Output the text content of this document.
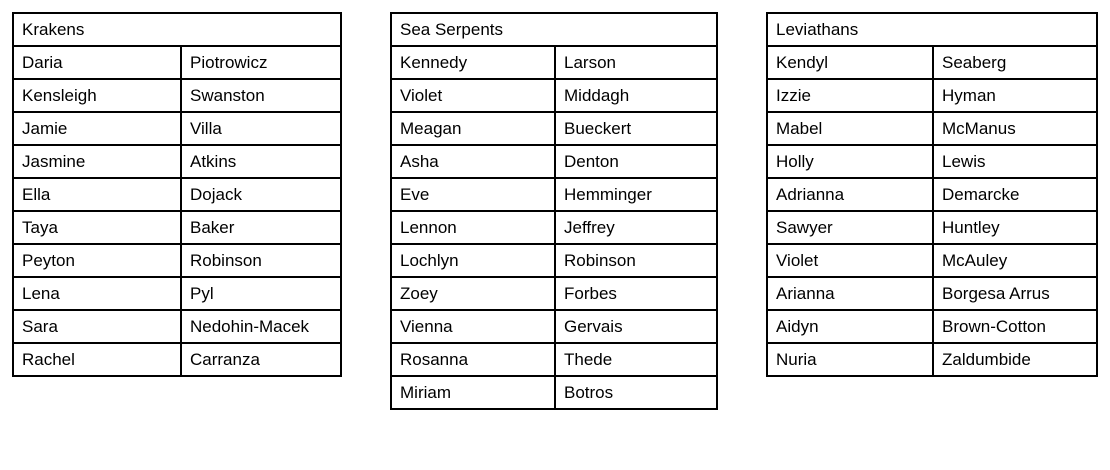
Krakens	
Daria	Piotrowicz
Kensleigh	Swanston
Jamie	Villa
Jasmine	Atkins
Ella	Dojack
Taya	Baker
Peyton	Robinson
Lena	Pyl
Sara	Nedohin-Macek
Rachel	Carranza
Sea Serpents	
Kennedy	Larson
Violet	Middagh
Meagan	Bueckert
Asha	Denton
Eve	Hemminger
Lennon	Jeffrey
Lochlyn	Robinson
Zoey	Forbes
Vienna	Gervais
Rosanna	Thede
Miriam	Botros
Leviathans	
Kendyl	Seaberg
Izzie	Hyman
Mabel	McManus
Holly	Lewis
Adrianna	Demarcke
Sawyer	Huntley
Violet	McAuley
Arianna	Borgesa Arrus
Aidyn	Brown-Cotton
Nuria	Zaldumbide
